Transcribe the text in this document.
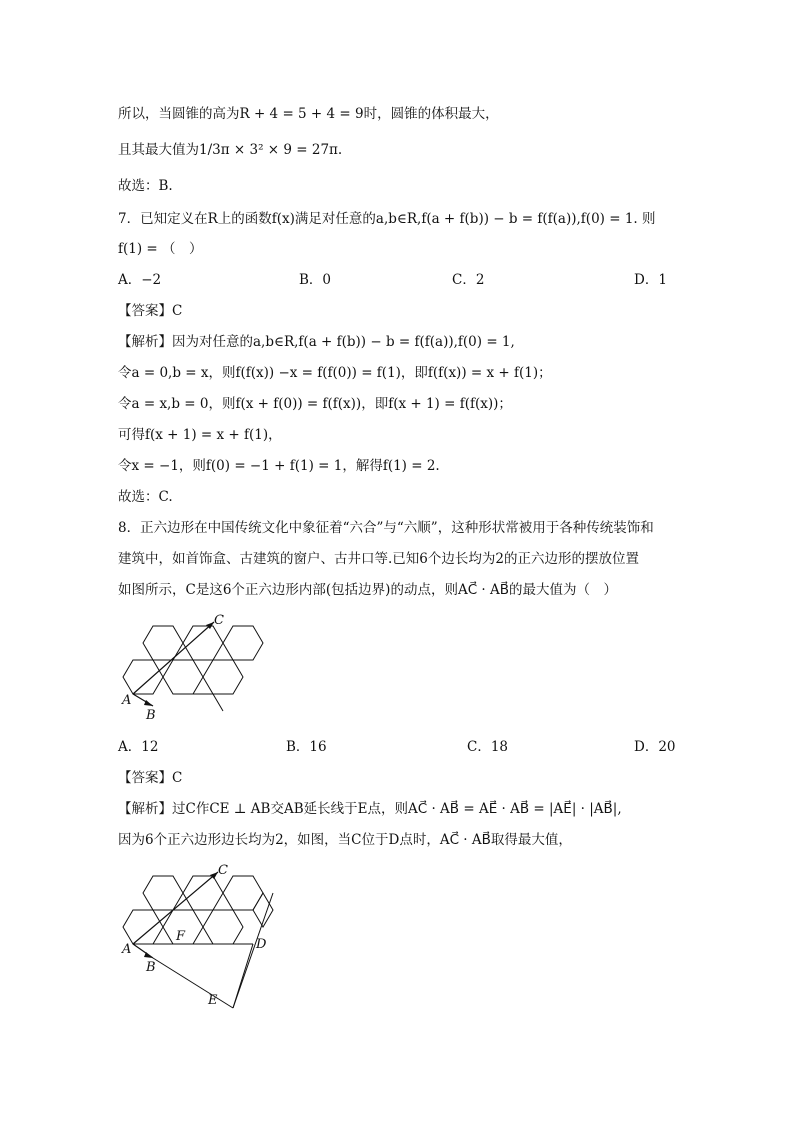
所以，当圆锥的高为R + 4 = 5 + 4 = 9时，圆锥的体积最大，
且其最大值为1/3π × 3² × 9 = 27π.
故选：B.
7．已知定义在R上的函数f(x)满足对任意的a,b∈R,f(a + f(b)) − b = f(f(a)),f(0) = 1. 则
f(1) = （　）
A．−2	B．0	C．2	D．1
【答案】C
【解析】因为对任意的a,b∈R,f(a + f(b)) − b = f(f(a)),f(0) = 1,
令a = 0,b = x，则f(f(x)) −x = f(f(0)) = f(1)，即f(f(x)) = x + f(1)；
令a = x,b = 0，则f(x + f(0)) = f(f(x))，即f(x + 1) = f(f(x))；
可得f(x + 1) = x + f(1)，
令x = −1，则f(0) = −1 + f(1) = 1，解得f(1) = 2.
故选：C.
8．正六边形在中国传统文化中象征着“六合”与“六顺”，这种形状常被用于各种传统装饰和
建筑中，如首饰盒、古建筑的窗户、古井口等.已知6个边长均为2的正六边形的摆放位置
如图所示，C是这6个正六边形内部(包括边界)的动点，则AC⃗ · AB⃗的最大值为（　）
C
A
B
A．12	B．16	C．18	D．20
【答案】C
【解析】过C作CE ⊥ AB交AB延长线于E点，则AC⃗ · AB⃗ = AE⃗ · AB⃗ = |AE⃗| · |AB⃗|,
因为6个正六边形边长均为2，如图，当C位于D点时，AC⃗ · AB⃗取得最大值，
C
A
B
D
E
F
